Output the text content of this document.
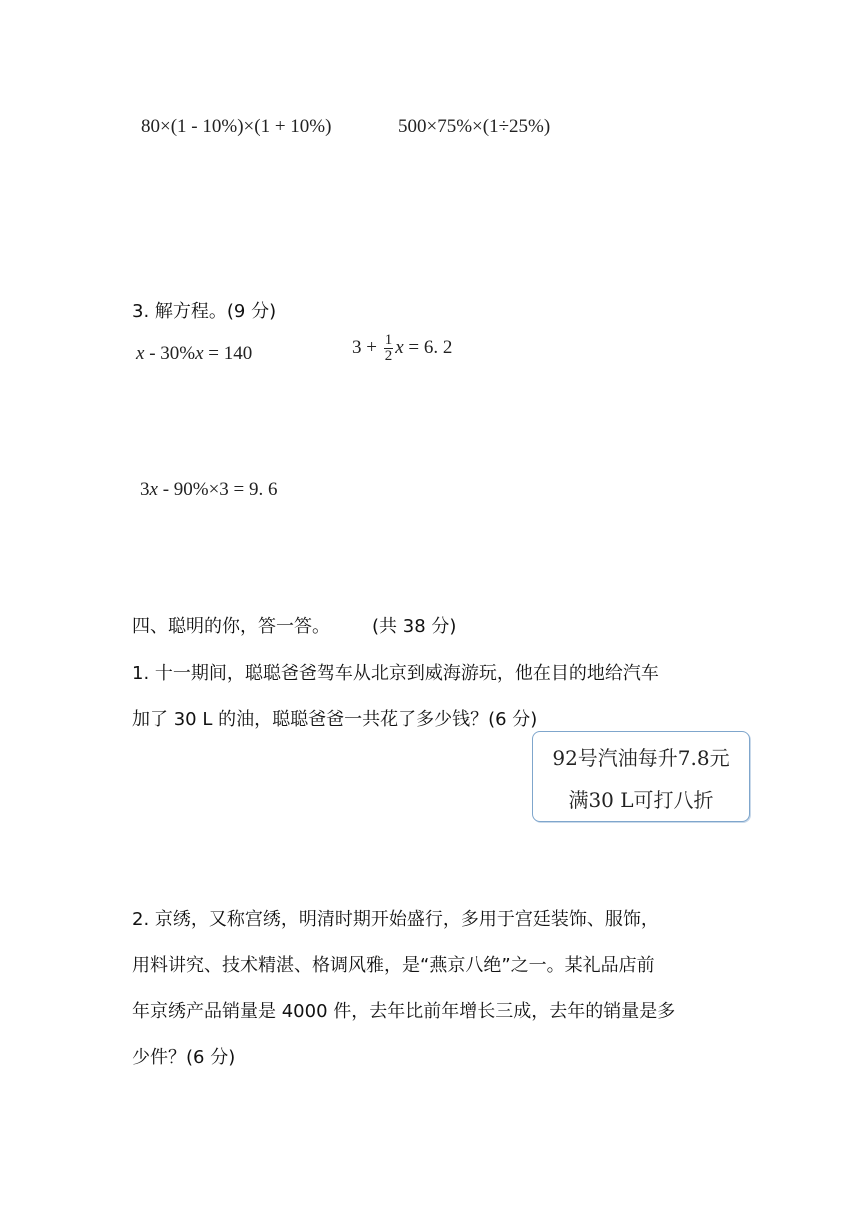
80×(1 - 10%)×(1 + 10%)	500×75%×(1÷25%)
3. 解方程。(9 分)
x - 30%x = 140	$3 + \frac{1}{2}$ x = 6. 2
3x - 90%×3 = 9. 6
四、聪明的你，答一答。 (共 38 分)
1. 十一期间，聪聪爸爸驾车从北京到威海游玩，他在目的地给汽车
加了 30 L 的油，聪聪爸爸一共花了多少钱？(6 分)
92号汽油每升7.8元
满30 L可打八折
2. 京绣，又称宫绣，明清时期开始盛行，多用于宫廷装饰、服饰，
用料讲究、技术精湛、格调风雅，是“燕京八绝”之一。某礼品店前
年京绣产品销量是 4000 件，去年比前年增长三成，去年的销量是多
少件？(6 分)
